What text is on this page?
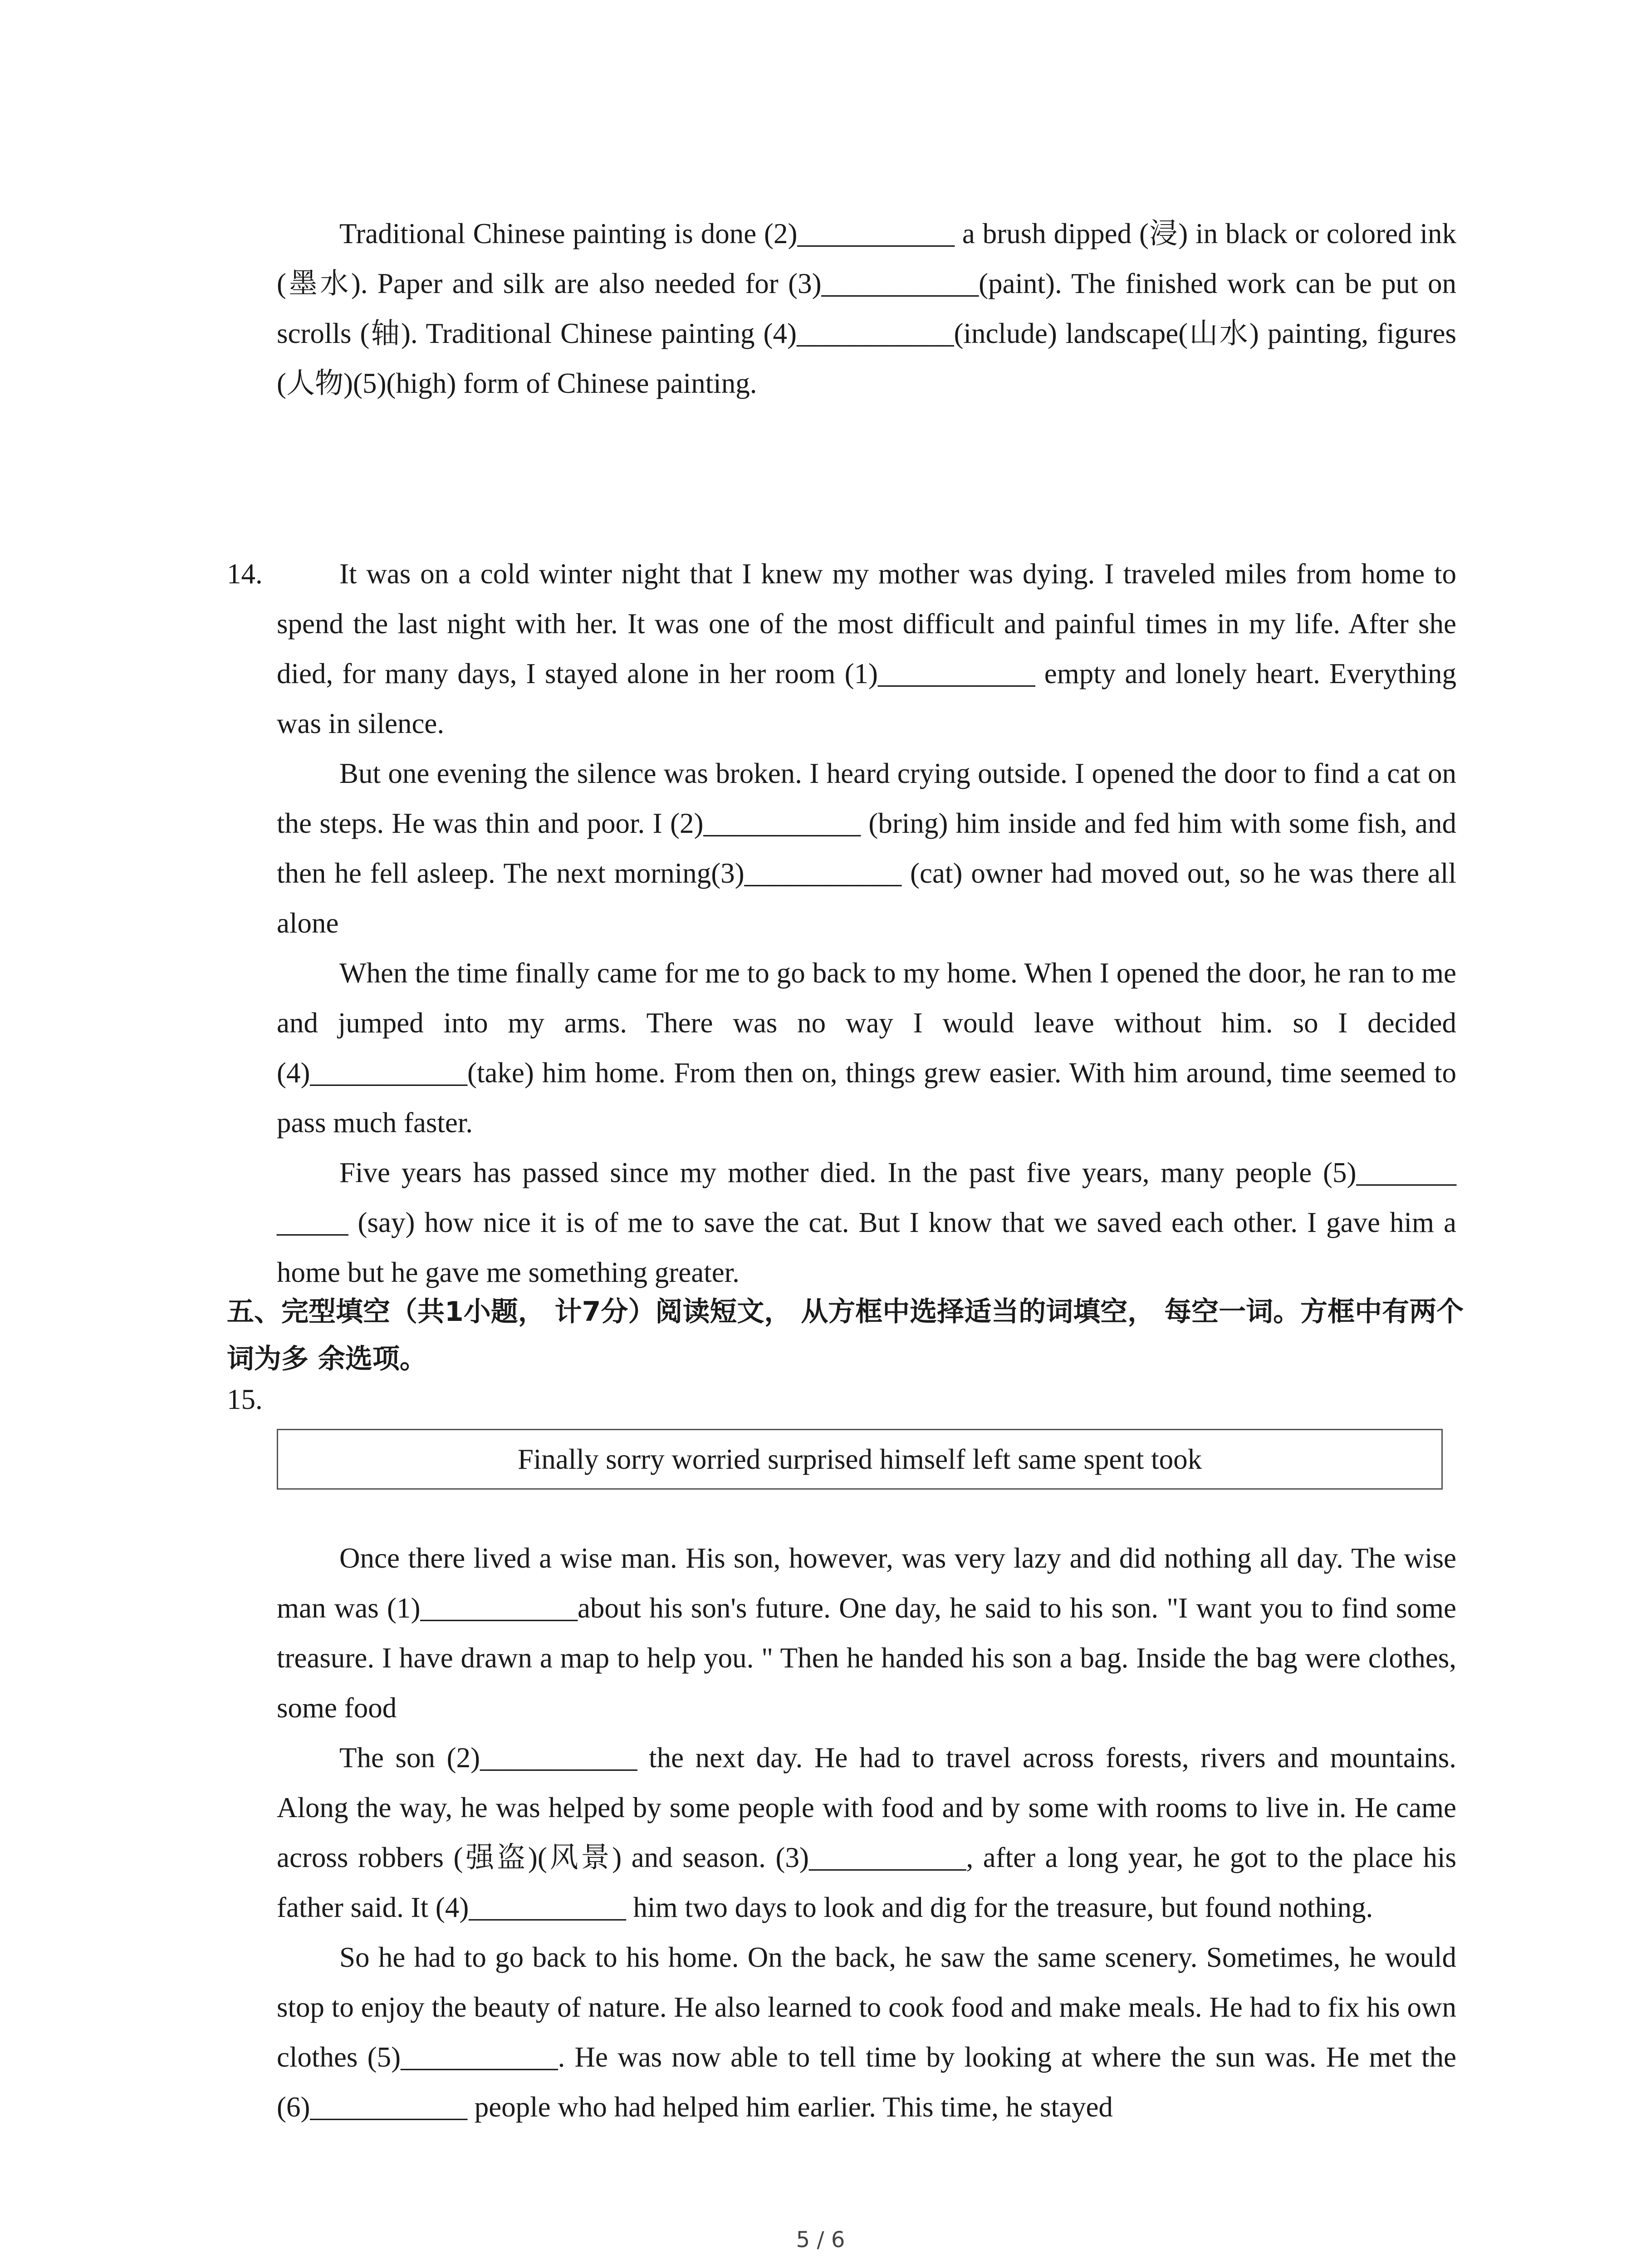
Traditional Chinese painting is done (2)___________ a brush dipped (浸) in black or colored ink (墨水). Paper and silk are also needed for (3)___________(paint). The finished work can be put on scrolls (轴). Traditional Chinese painting (4)___________(include) landscape(山水) painting, figures (人物)(5)(high) form of Chinese painting.

14.	It was on a cold winter night that I knew my mother was dying. I traveled miles from home to spend the last night with her. It was one of the most difficult and painful times in my life. After she died, for many days, I stayed alone in her room (1)___________ empty and lonely heart. Everything was in silence.

But one evening the silence was broken. I heard crying outside. I opened the door to find a cat on the steps. He was thin and poor. I (2)___________ (bring) him inside and fed him with some fish, and then he fell asleep. The next morning(3)___________ (cat) owner had moved out, so he was there all alone

When the time finally came for me to go back to my home. When I opened the door, he ran to me and jumped into my arms. There was no way I would leave without him. so I decided (4)___________(take) him home. From then on, things grew easier. With him around, time seemed to pass much faster.

Five years has passed since my mother died. In the past five years, many people (5)_______ _____ (say) how nice it is of me to save the cat. But I know that we saved each other. I gave him a home but he gave me something greater.

五、完型填空（共1小题， 计7分）阅读短文， 从方框中选择适当的词填空， 每空一词。方框中有两个词为多 余选项。
15.
Finally sorry worried surprised himself left same spent took

Once there lived a wise man. His son, however, was very lazy and did nothing all day. The wise man was (1)___________about his son's future. One day, he said to his son. "I want you to find some treasure. I have drawn a map to help you. " Then he handed his son a bag. Inside the bag were clothes, some food

The son (2)___________ the next day. He had to travel across forests, rivers and mountains. Along the way, he was helped by some people with food and by some with rooms to live in. He came across robbers (强盗)(风景) and season. (3)___________, after a long year, he got to the place his father said. It (4)___________ him two days to look and dig for the treasure, but found nothing.

So he had to go back to his home. On the back, he saw the same scenery. Sometimes, he would stop to enjoy the beauty of nature. He also learned to cook food and make meals. He had to fix his own clothes (5)___________. He was now able to tell time by looking at where the sun was. He met the (6)___________ people who had helped him earlier. This time, he stayed

5 / 6
